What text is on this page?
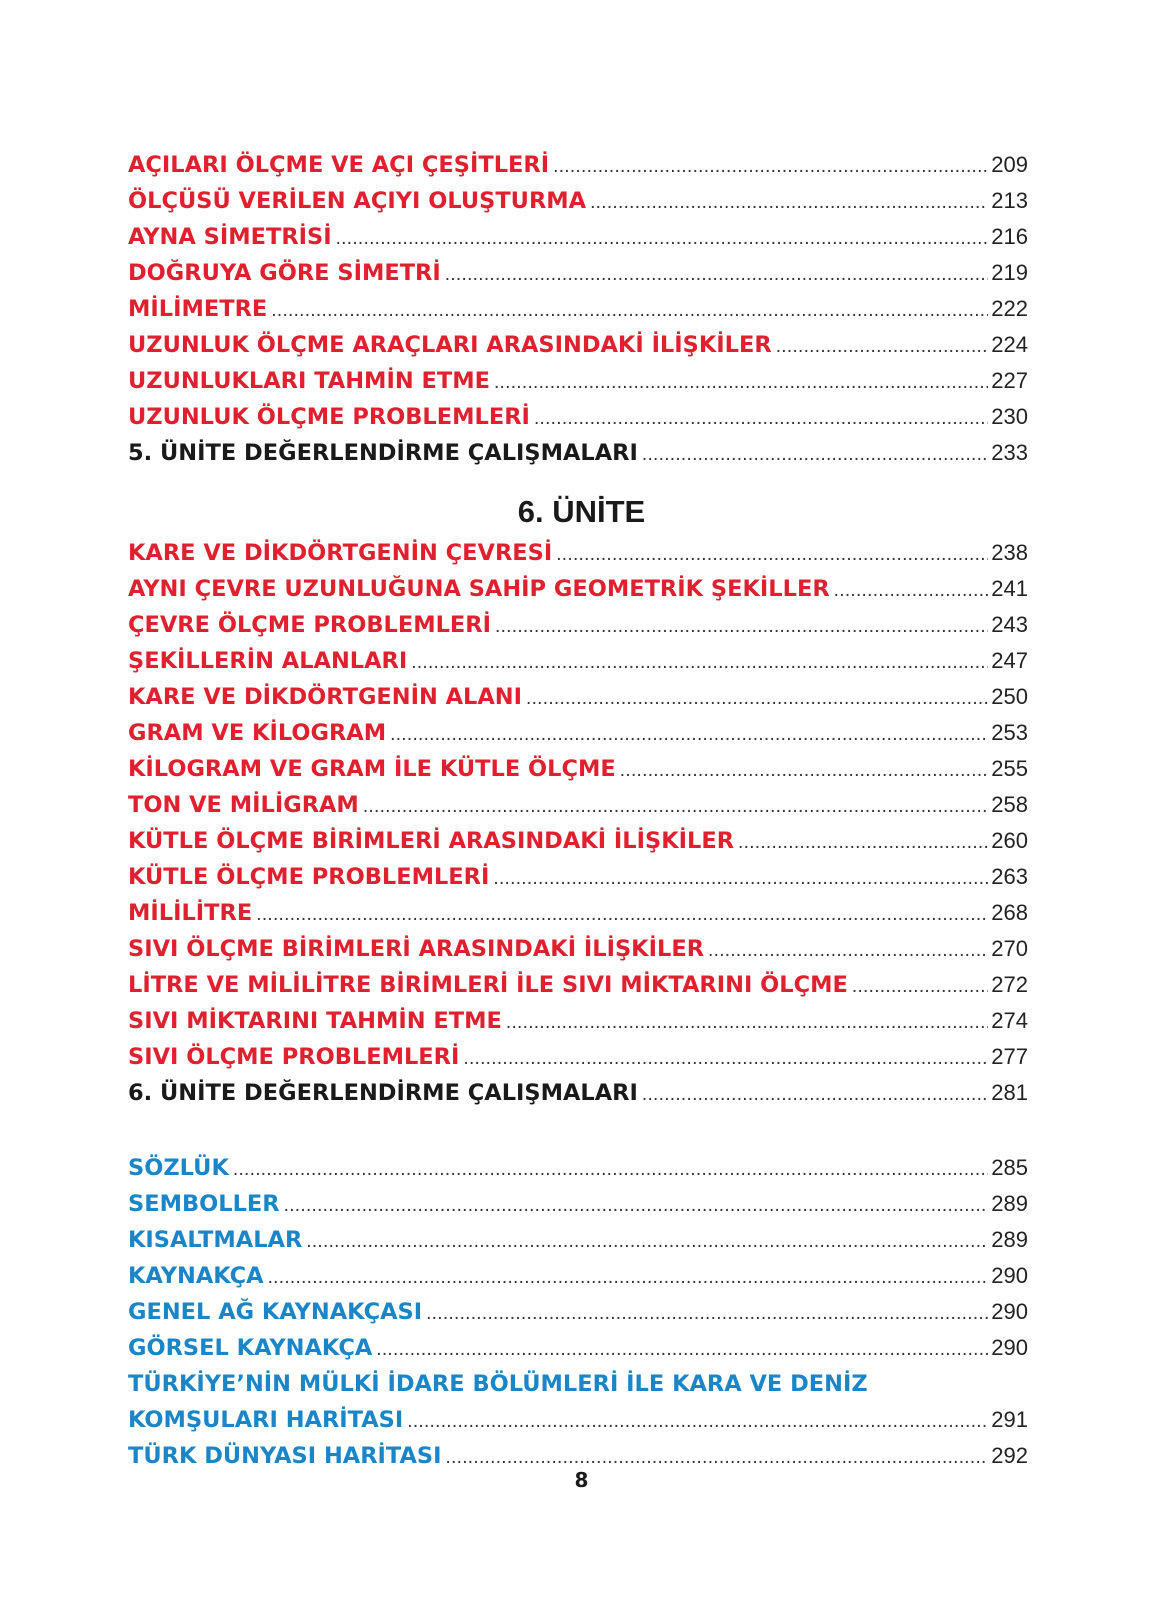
AÇILARI ÖLÇME VE AÇI ÇEŞİTLERİ .....	209
ÖLÇÜSÜ VERİLEN AÇIYI OLUŞTURMA .....	213
AYNA SİMETRİSİ .....	216
DOĞRUYA GÖRE SİMETRİ .....	219
MİLİMETRE .....	222
UZUNLUK ÖLÇME ARAÇLARI ARASINDAKİ İLİŞKİLER .....	224
UZUNLUKLARI TAHMİN ETME .....	227
UZUNLUK ÖLÇME PROBLEMLERİ .....	230
5. ÜNİTE DEĞERLENDİRME ÇALIŞMALARI .....	233
6. ÜNİTE
KARE VE DİKDÖRTGENİN ÇEVRESİ .....	238
AYNI ÇEVRE UZUNLUĞUNA SAHİP GEOMETRİK ŞEKİLLER .....	241
ÇEVRE ÖLÇME PROBLEMLERİ .....	243
ŞEKİLLERİN ALANLARI .....	247
KARE VE DİKDÖRTGENİN ALANI .....	250
GRAM VE KİLOGRAM .....	253
KİLOGRAM VE GRAM İLE KÜTLE ÖLÇME .....	255
TON VE MİLİGRAM .....	258
KÜTLE ÖLÇME BİRİMLERİ ARASINDAKİ İLİŞKİLER .....	260
KÜTLE ÖLÇME PROBLEMLERİ .....	263
MİLİLİTRE .....	268
SIVI ÖLÇME BİRİMLERİ ARASINDAKİ İLİŞKİLER .....	270
LİTRE VE MİLİLİTRE BİRİMLERİ İLE SIVI MİKTARINI ÖLÇME .....	272
SIVI MİKTARINI TAHMİN ETME .....	274
SIVI ÖLÇME PROBLEMLERİ .....	277
6. ÜNİTE DEĞERLENDİRME ÇALIŞMALARI .....	281
SÖZLÜK .....	285
SEMBOLLER .....	289
KISALTMALAR .....	289
KAYNAKÇA .....	290
GENEL AĞ KAYNAKÇASI .....	290
GÖRSEL KAYNAKÇA .....	290
TÜRKİYE’NİN MÜLKİ İDARE BÖLÜMLERİ İLE KARA VE DENİZ
KOMŞULARI HARİTASI .....	291
TÜRK DÜNYASI HARİTASI .....	292
8
